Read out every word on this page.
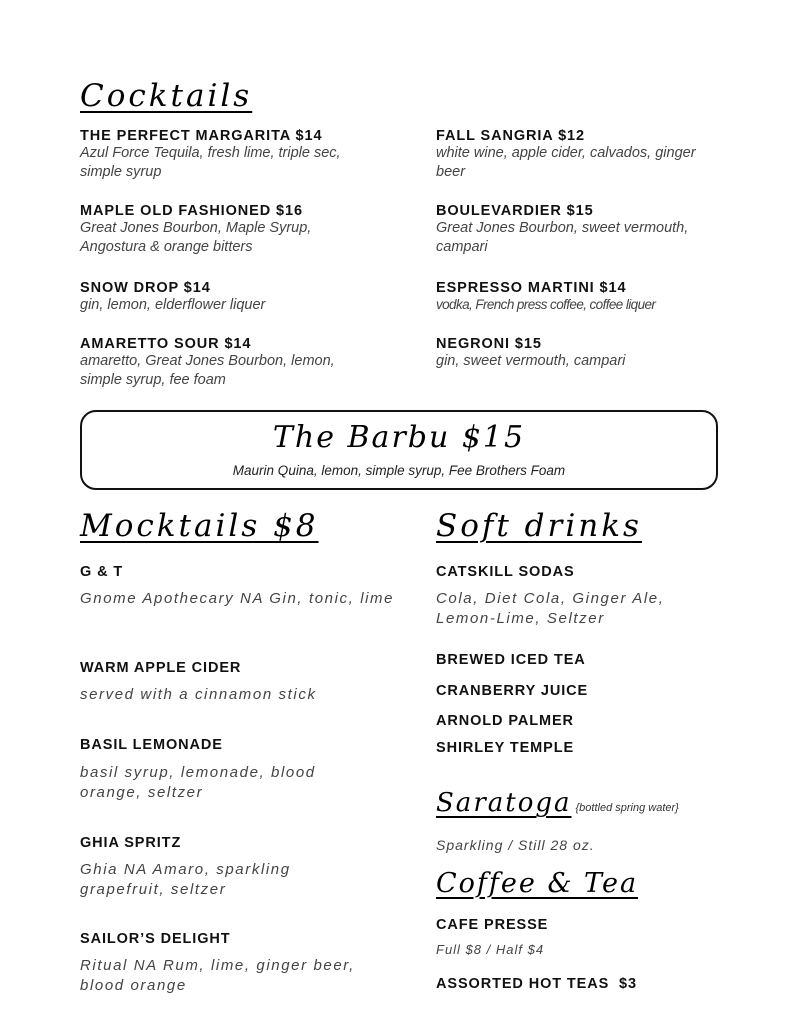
Cocktails
THE PERFECT MARGARITA $14
Azul Force Tequila, fresh lime, triple sec, simple syrup
FALL SANGRIA $12
white wine, apple cider, calvados, ginger beer
MAPLE OLD FASHIONED $16
Great Jones Bourbon, Maple Syrup, Angostura & orange bitters
BOULEVARDIER $15
Great Jones Bourbon, sweet vermouth, campari
SNOW DROP $14
gin, lemon, elderflower liquer
ESPRESSO MARTINI $14
vodka, French press coffee, coffee liquer
AMARETTO SOUR $14
amaretto, Great Jones Bourbon, lemon, simple syrup, fee foam
NEGRONI $15
gin, sweet vermouth, campari
The Barbu $15
Maurin Quina, lemon, simple syrup, Fee Brothers Foam
Mocktails $8
G & T
Gnome Apothecary NA Gin, tonic, lime
WARM APPLE CIDER
served with a cinnamon stick
BASIL LEMONADE
basil syrup, lemonade, blood orange, seltzer
GHIA SPRITZ
Ghia NA Amaro, sparkling grapefruit, seltzer
SAILOR’S DELIGHT
Ritual NA Rum, lime, ginger beer, blood orange
Soft drinks
CATSKILL SODAS
Cola, Diet Cola, Ginger Ale, Lemon-Lime, Seltzer
BREWED ICED TEA
CRANBERRY JUICE
ARNOLD PALMER
SHIRLEY TEMPLE
Saratoga {bottled spring water}
Sparkling / Still 28 oz.
Coffee & Tea
CAFE PRESSE
Full $8 / Half $4
ASSORTED HOT TEAS  $3
